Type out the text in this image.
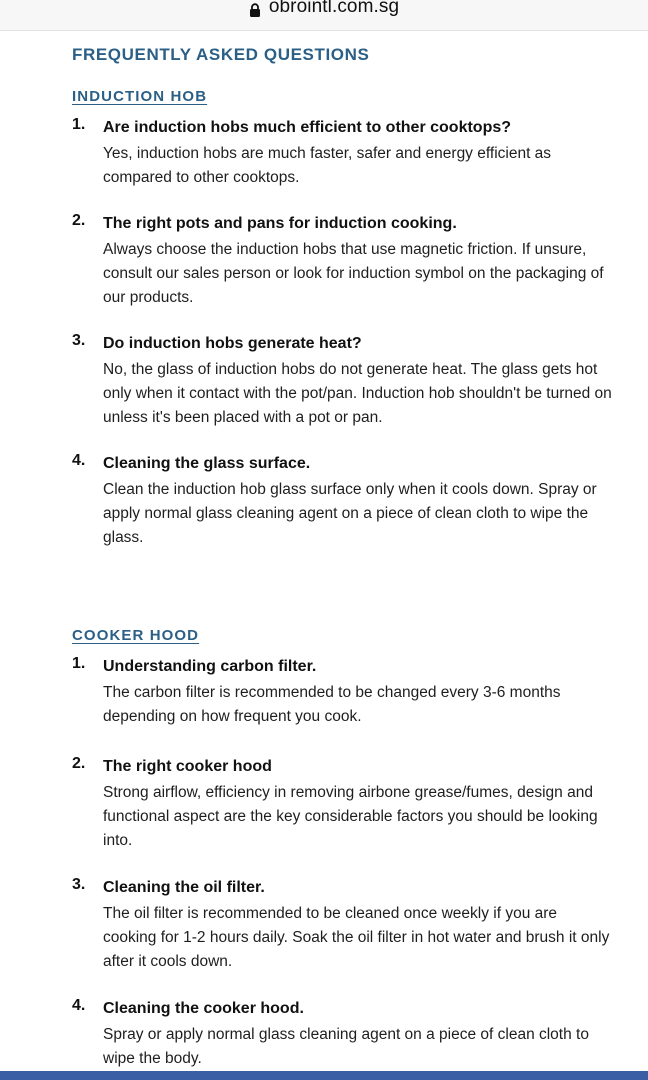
obrointl.com.sg
FREQUENTLY ASKED QUESTIONS
INDUCTION HOB
1. Are induction hobs much efficient to other cooktops?
Yes, induction hobs are much faster, safer and energy efficient as compared to other cooktops.
2. The right pots and pans for induction cooking.
Always choose the induction hobs that use magnetic friction. If unsure, consult our sales person or look for induction symbol on the packaging of our products.
3. Do induction hobs generate heat?
No, the glass of induction hobs do not generate heat. The glass gets hot only when it contact with the pot/pan. Induction hob shouldn't be turned on unless it's been placed with a pot or pan.
4. Cleaning the glass surface.
Clean the induction hob glass surface only when it cools down. Spray or apply normal glass cleaning agent on a piece of clean cloth to wipe the glass.
COOKER HOOD
1. Understanding carbon filter.
The carbon filter is recommended to be changed every 3-6 months depending on how frequent you cook.
2. The right cooker hood
Strong airflow, efficiency in removing airbone grease/fumes, design and functional aspect are the key considerable factors you should be looking into.
3. Cleaning the oil filter.
The oil filter is recommended to be cleaned once weekly if you are cooking for 1-2 hours daily. Soak the oil filter in hot water and brush it only after it cools down.
4. Cleaning the cooker hood.
Spray or apply normal glass cleaning agent on a piece of clean cloth to wipe the body.
